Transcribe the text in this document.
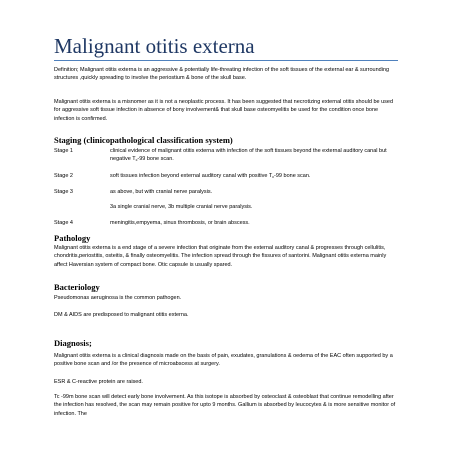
Malignant otitis externa

Definition; Malignant otitis externa is an aggressive & potentially life-threating infection of the soft tissues of the external ear & surrounding structures ,quickly spreading to involve the periostium & bone of the skull base.

Malignant otitis externa is a misnomer as it is not a neoplastic process. It has been suggested that necrotizing external otitis should be used for aggressive soft tissue infection in absence of bony involvement& that skull base osteomyelitis be used for the condition once bone infection is confirmed.

Staging (clinicopathological classification system)
Stage 1	clinical evidence of malignant otitis externa with infection of the soft tissues beyond the external auditory canal but negative $T_c-99$ bone scan.
Stage 2	soft tissues infection beyond external auditory canal with positive $T_c-99$ bone scan.
Stage 3	as above, but with cranial nerve paralysis.
3a single cranial nerve, 3b multiple cranial nerve paralysis.
Stage 4	meningitis,empyema, sinus thrombosis, or brain abscess.
Pathology

Malignant otitis externa is a end stage of a severe infection that originate from the external auditory canal & progresses through cellulitis, chondritis,periostitis, osteitis, & finally osteomyelitis. The infection spread through the fissures of santorini. Malignant otitis externa mainly affect Haversian system of compact bone. Otic capsule is usually spared.

Bacteriology

Pseudomonas aeruginosa is the common pathogen.

DM & AIDS are predisposed to malignant otitis externa.

Diagnosis;

Malignant otitis externa is a clinical diagnosis made on the basis of pain, exudates, granulations & oedema of the EAC often supported by a positive bone scan and /or the presence of microabscess at surgery.

ESR & C-reactive protein are raised.

Tc -99m bone scan will detect early bone involvement. As this isotope is absorbed by osteoclast & osteoblast that continue remodelling after the infection has resolved, the scan may remain positive for upto 9 months. Gallium is absorbed by leucocytes & is more sensitive monitor of infection. The
